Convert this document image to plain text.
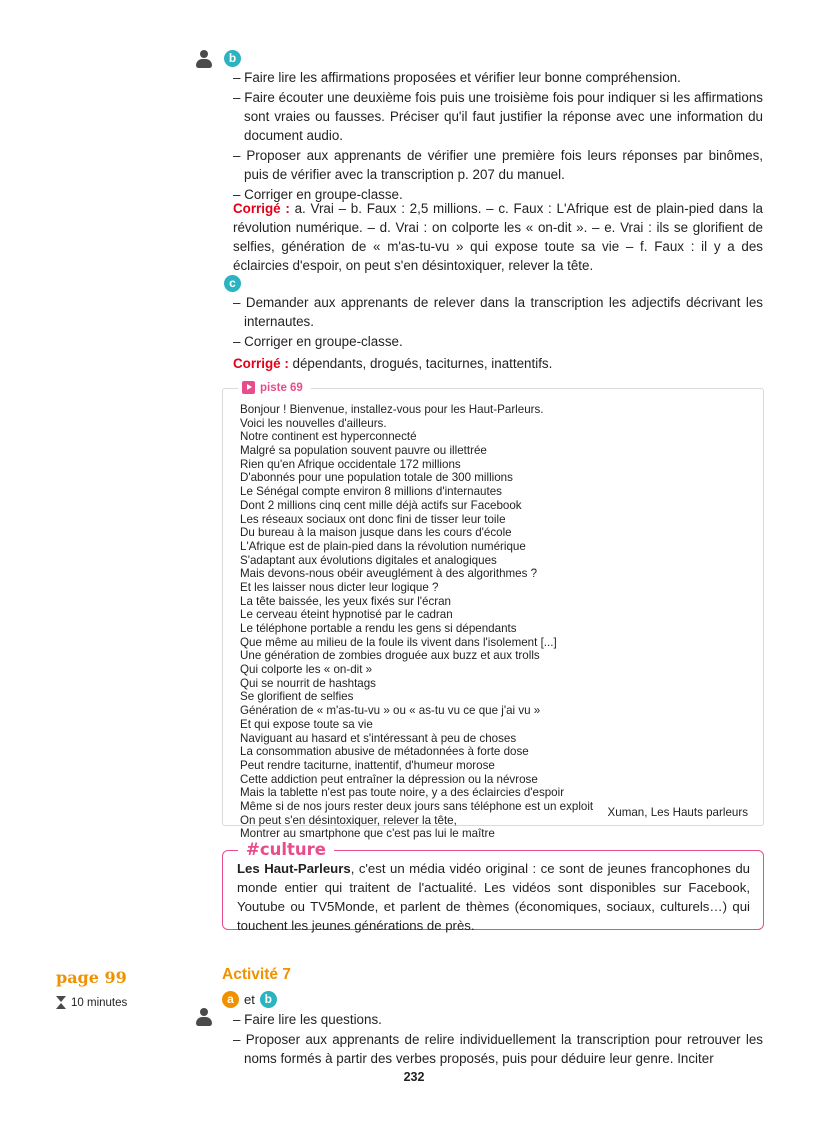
b
– Faire lire les affirmations proposées et vérifier leur bonne compréhension.
– Faire écouter une deuxième fois puis une troisième fois pour indiquer si les affirmations sont vraies ou fausses. Préciser qu'il faut justifier la réponse avec une information du document audio.
– Proposer aux apprenants de vérifier une première fois leurs réponses par binômes, puis de vérifier avec la transcription p. 207 du manuel.
– Corriger en groupe-classe.
Corrigé : a. Vrai – b. Faux : 2,5 millions. – c. Faux : L'Afrique est de plain-pied dans la révolution numérique. – d. Vrai : on colporte les « on-dit ». – e. Vrai : ils se glorifient de selfies, génération de « m'as-tu-vu » qui expose toute sa vie – f. Faux : il y a des éclaircies d'espoir, on peut s'en désintoxiquer, relever la tête.
c
– Demander aux apprenants de relever dans la transcription les adjectifs décrivant les internautes.
– Corriger en groupe-classe.
Corrigé : dépendants, drogués, taciturnes, inattentifs.
piste 69
Bonjour ! Bienvenue, installez-vous pour les Haut-Parleurs.
Voici les nouvelles d'ailleurs.
Notre continent est hyperconnecté
Malgré sa population souvent pauvre ou illettrée
Rien qu'en Afrique occidentale 172 millions
D'abonnés pour une population totale de 300 millions
Le Sénégal compte environ 8 millions d'internautes
Dont 2 millions cinq cent mille déjà actifs sur Facebook
Les réseaux sociaux ont donc fini de tisser leur toile
Du bureau à la maison jusque dans les cours d'école
L'Afrique est de plain-pied dans la révolution numérique
S'adaptant aux évolutions digitales et analogiques
Mais devons-nous obéir aveuglément à des algorithmes ?
Et les laisser nous dicter leur logique ?
La tête baissée, les yeux fixés sur l'écran
Le cerveau éteint hypnotisé par le cadran
Le téléphone portable a rendu les gens si dépendants
Que même au milieu de la foule ils vivent dans l'isolement [...]
Une génération de zombies droguée aux buzz et aux trolls
Qui colporte les « on-dit »
Qui se nourrit de hashtags
Se glorifient de selfies
Génération de « m'as-tu-vu » ou « as-tu vu ce que j'ai vu »
Et qui expose toute sa vie
Naviguant au hasard et s'intéressant à peu de choses
La consommation abusive de métadonnées à forte dose
Peut rendre taciturne, inattentif, d'humeur morose
Cette addiction peut entraîner la dépression ou la névrose
Mais la tablette n'est pas toute noire, y a des éclaircies d'espoir
Même si de nos jours rester deux jours sans téléphone est un exploit
On peut s'en désintoxiquer, relever la tête,
Montrer au smartphone que c'est pas lui le maître
Xuman, Les Hauts parleurs
#culture
Les Haut-Parleurs, c'est un média vidéo original : ce sont de jeunes francophones du monde entier qui traitent de l'actualité. Les vidéos sont disponibles sur Facebook, Youtube ou TV5Monde, et parlent de thèmes (économiques, sociaux, culturels…) qui touchent les jeunes générations de près.
page 99
10 minutes
Activité 7
a et b
– Faire lire les questions.
– Proposer aux apprenants de relire individuellement la transcription pour retrouver les noms formés à partir des verbes proposés, puis pour déduire leur genre. Inciter
232
